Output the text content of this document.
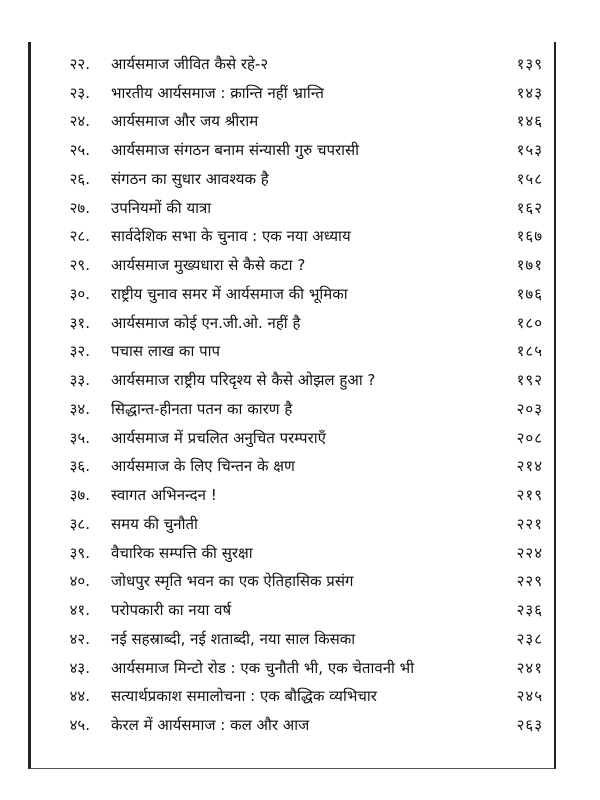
२२. आर्यसमाज जीवित कैसे रहे-२	१३९
२३. भारतीय आर्यसमाज : क्रान्ति नहीं भ्रान्ति	१४३
२४. आर्यसमाज और जय श्रीराम	१४६
२५. आर्यसमाज संगठन बनाम संन्यासी गुरु चपरासी	१५३
२६. संगठन का सुधार आवश्यक है	१५८
२७. उपनियमों की यात्रा	१६२
२८. सार्वदेशिक सभा के चुनाव : एक नया अध्याय	१६७
२९. आर्यसमाज मुख्यधारा से कैसे कटा ?	१७१
३०. राष्ट्रीय चुनाव समर में आर्यसमाज की भूमिका	१७६
३१. आर्यसमाज कोई एन.जी.ओ. नहीं है	१८०
३२. पचास लाख का पाप	१८५
३३. आर्यसमाज राष्ट्रीय परिदृश्य से कैसे ओझल हुआ ?	१९२
३४. सिद्धान्त-हीनता पतन का कारण है	२०३
३५. आर्यसमाज में प्रचलित अनुचित परम्पराएँ	२०८
३६. आर्यसमाज के लिए चिन्तन के क्षण	२१४
३७. स्वागत अभिनन्दन !	२१९
३८. समय की चुनौती	२२१
३९. वैचारिक सम्पत्ति की सुरक्षा	२२४
४०. जोधपुर स्मृति भवन का एक ऐतिहासिक प्रसंग	२२९
४१. परोपकारी का नया वर्ष	२३६
४२. नई सहस्राब्दी, नई शताब्दी, नया साल किसका	२३८
४३. आर्यसमाज मिन्टो रोड : एक चुनौती भी, एक चेतावनी भी	२४१
४४. सत्यार्थप्रकाश समालोचना : एक बौद्धिक व्यभिचार	२४५
४५. केरल में आर्यसमाज : कल और आज	२६३
